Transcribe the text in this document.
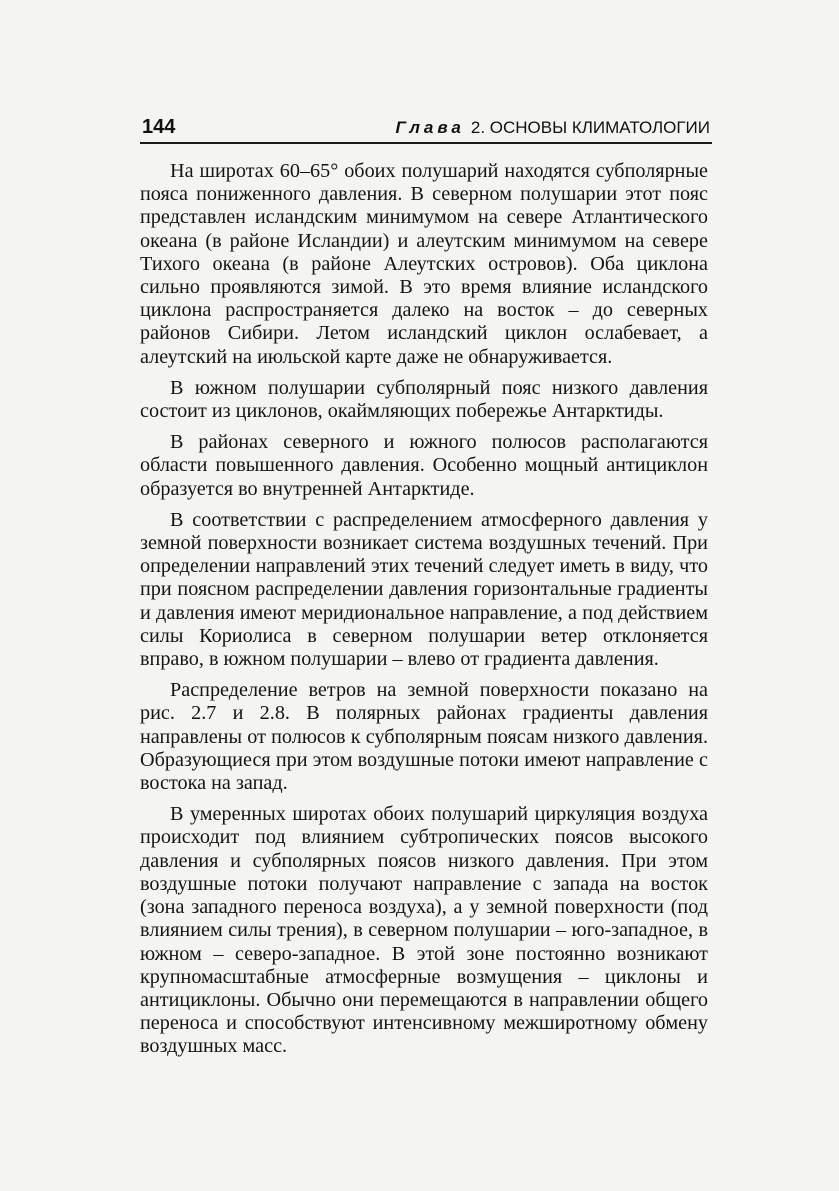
144	Глава 2. ОСНОВЫ КЛИМАТОЛОГИИ

На широтах 60–65° обоих полушарий находятся субполярные пояса пониженного давления. В северном полушарии этот пояс представлен исландским минимумом на севере Атлантического океана (в районе Исландии) и алеутским минимумом на севере Тихого океана (в районе Алеутских островов). Оба циклона сильно проявляются зимой. В это время влияние исландского циклона распространяется далеко на восток – до северных районов Сибири. Летом исландский циклон ослабевает, а алеутский на июльской карте даже не обнаруживается.

В южном полушарии субполярный пояс низкого давления состоит из циклонов, окаймляющих побережье Антарктиды.

В районах северного и южного полюсов располагаются области повышенного давления. Особенно мощный антициклон образуется во внутренней Антарктиде.

В соответствии с распределением атмосферного давления у земной поверхности возникает система воздушных течений. При определении направлений этих течений следует иметь в виду, что при поясном распределении давления горизонтальные градиенты и давления имеют меридиональное направление, а под действием силы Кориолиса в северном полушарии ветер отклоняется вправо, в южном полушарии – влево от градиента давления.

Распределение ветров на земной поверхности показано на рис. 2.7 и 2.8. В полярных районах градиенты давления направлены от полюсов к субполярным поясам низкого давления. Образующиеся при этом воздушные потоки имеют направление с востока на запад.

В умеренных широтах обоих полушарий циркуляция воздуха происходит под влиянием субтропических поясов высокого давления и субполярных поясов низкого давления. При этом воздушные потоки получают направление с запада на восток (зона западного переноса воздуха), а у земной поверхности (под влиянием силы трения), в северном полушарии – юго-западное, в южном – северо-западное. В этой зоне постоянно возникают крупномасштабные атмосферные возмущения – циклоны и антициклоны. Обычно они перемещаются в направлении общего переноса и способствуют интенсивному межширотному обмену воздушных масс.
